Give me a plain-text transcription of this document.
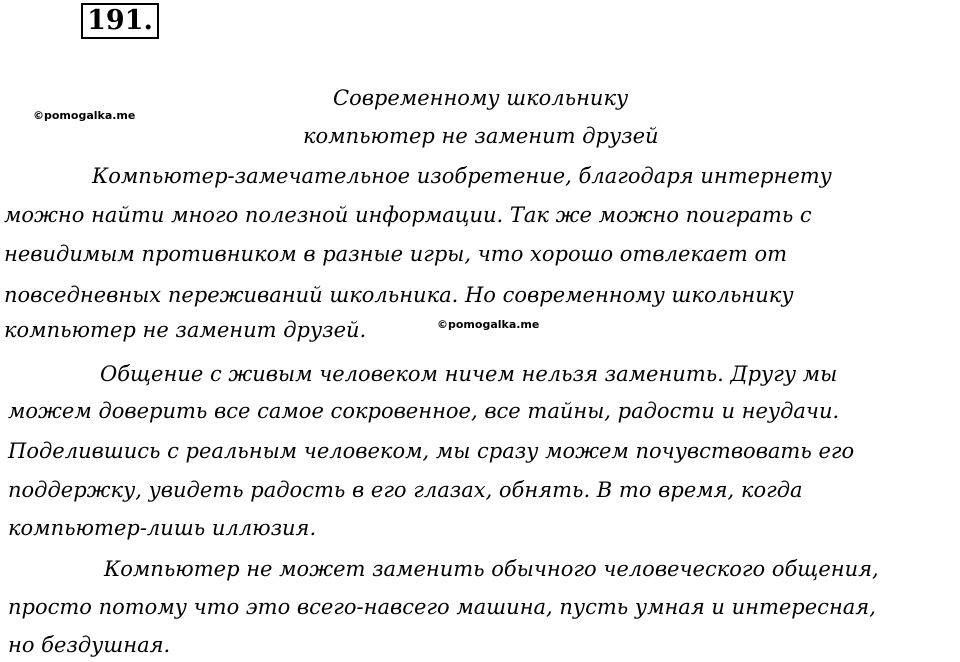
191.
©pomogalka.me
©pomogalka.me
Современному школьнику
компьютер не заменит друзей
Компьютер-замечательное изобретение, благодаря интернету
можно найти много полезной информации. Так же можно поиграть с
невидимым противником в разные игры, что хорошо отвлекает от
повседневных переживаний школьника. Но современному школьнику
компьютер не заменит друзей.
Общение с живым человеком ничем нельзя заменить. Другу мы
можем доверить все самое сокровенное, все тайны, радости и неудачи.
Поделившись с реальным человеком, мы сразу можем почувствовать его
поддержку, увидеть радость в его глазах, обнять. В то время, когда
компьютер-лишь иллюзия.
Компьютер не может заменить обычного человеческого общения,
просто потому что это всего-навсего машина, пусть умная и интересная,
но бездушная.
